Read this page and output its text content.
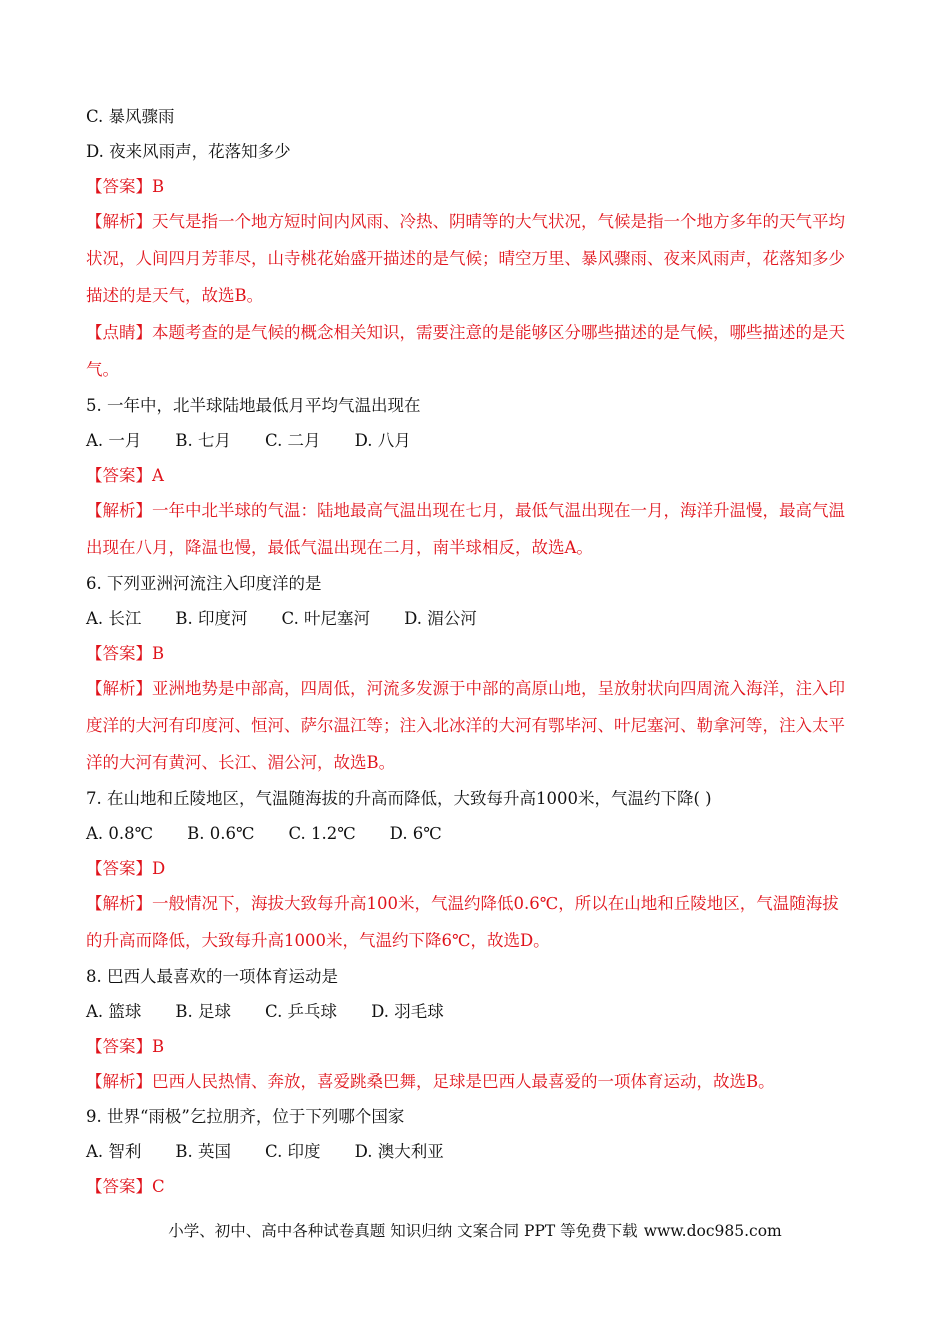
C. 暴风骤雨
D. 夜来风雨声，花落知多少
【答案】B
【解析】天气是指一个地方短时间内风雨、冷热、阴晴等的大气状况，气候是指一个地方多年的天气平均
状况，人间四月芳菲尽，山寺桃花始盛开描述的是气候；晴空万里、暴风骤雨、夜来风雨声，花落知多少
描述的是天气，故选B。
【点睛】本题考查的是气候的概念相关知识，需要注意的是能够区分哪些描述的是气候，哪些描述的是天
气。
5. 一年中，北半球陆地最低月平均气温出现在
A. 一月 B. 七月 C. 二月 D. 八月
【答案】A
【解析】一年中北半球的气温：陆地最高气温出现在七月，最低气温出现在一月，海洋升温慢，最高气温
出现在八月，降温也慢，最低气温出现在二月，南半球相反，故选A。
6. 下列亚洲河流注入印度洋的是
A. 长江 B. 印度河 C. 叶尼塞河 D. 湄公河
【答案】B
【解析】亚洲地势是中部高，四周低，河流多发源于中部的高原山地，呈放射状向四周流入海洋，注入印
度洋的大河有印度河、恒河、萨尔温江等；注入北冰洋的大河有鄂毕河、叶尼塞河、勒拿河等，注入太平
洋的大河有黄河、长江、湄公河，故选B。
7. 在山地和丘陵地区，气温随海拔的升高而降低，大致每升高1000米，气温约下降( )
A. 0.8℃ B. 0.6℃ C. 1.2℃ D. 6℃
【答案】D
【解析】一般情况下，海拔大致每升高100米，气温约降低0.6℃，所以在山地和丘陵地区，气温随海拔
的升高而降低，大致每升高1000米，气温约下降6℃，故选D。
8. 巴西人最喜欢的一项体育运动是
A. 篮球 B. 足球 C. 乒乓球 D. 羽毛球
【答案】B
【解析】巴西人民热情、奔放，喜爱跳桑巴舞，足球是巴西人最喜爱的一项体育运动，故选B。
9. 世界“雨极”乞拉朋齐，位于下列哪个国家
A. 智利 B. 英国 C. 印度 D. 澳大利亚
【答案】C
小学、初中、高中各种试卷真题 知识归纳 文案合同 PPT 等免费下载 www.doc985.com
